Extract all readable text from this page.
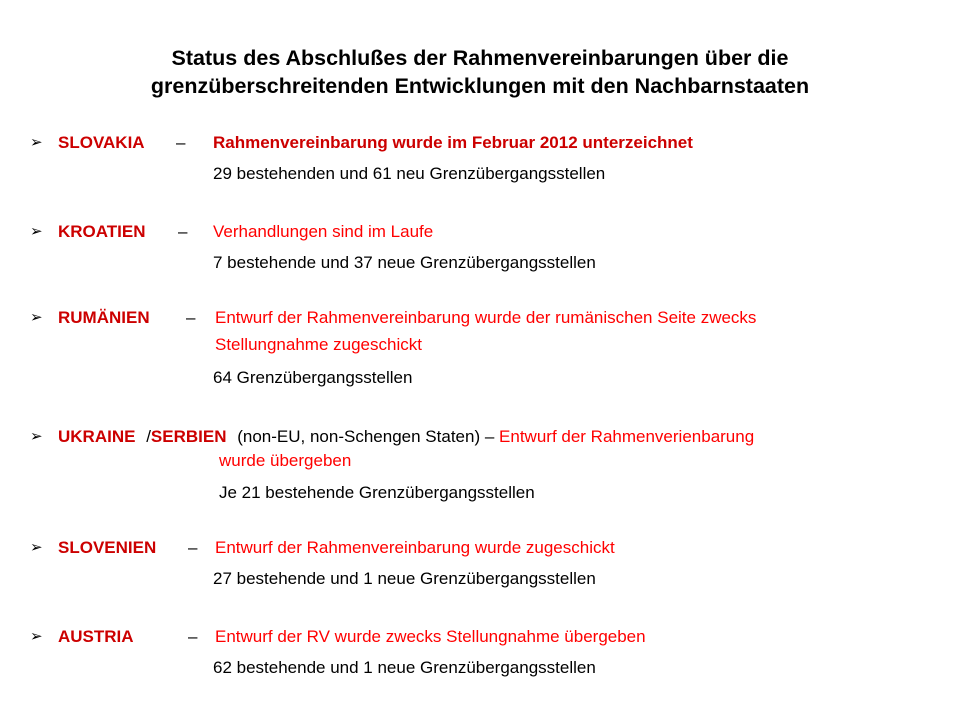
Status des Abschlußes der Rahmenvereinbarungen über die
grenzüberschreitenden Entwicklungen mit den Nachbarnstaaten
➢ SLOVAKIA – Rahmenvereinbarung wurde im Februar 2012 unterzeichnet
29 bestehenden und 61 neu Grenzübergangsstellen
➢ KROATIEN – Verhandlungen sind im Laufe
7 bestehende und 37 neue Grenzübergangsstellen
➢ RUMÄNIEN – Entwurf der Rahmenvereinbarung wurde der rumänischen Seite zwecks
Stellungnahme zugeschickt
64 Grenzübergangsstellen
➢ UKRAINE /SERBIEN (non-EU, non-Schengen Staten) – Entwurf der Rahmenverienbarung
wurde übergeben
Je 21 bestehende Grenzübergangsstellen
➢ SLOVENIEN – Entwurf der Rahmenvereinbarung wurde zugeschickt
27 bestehende und 1 neue Grenzübergangsstellen
➢ AUSTRIA	– Entwurf der RV wurde zwecks Stellungnahme übergeben
62 bestehende und 1 neue Grenzübergangsstellen
